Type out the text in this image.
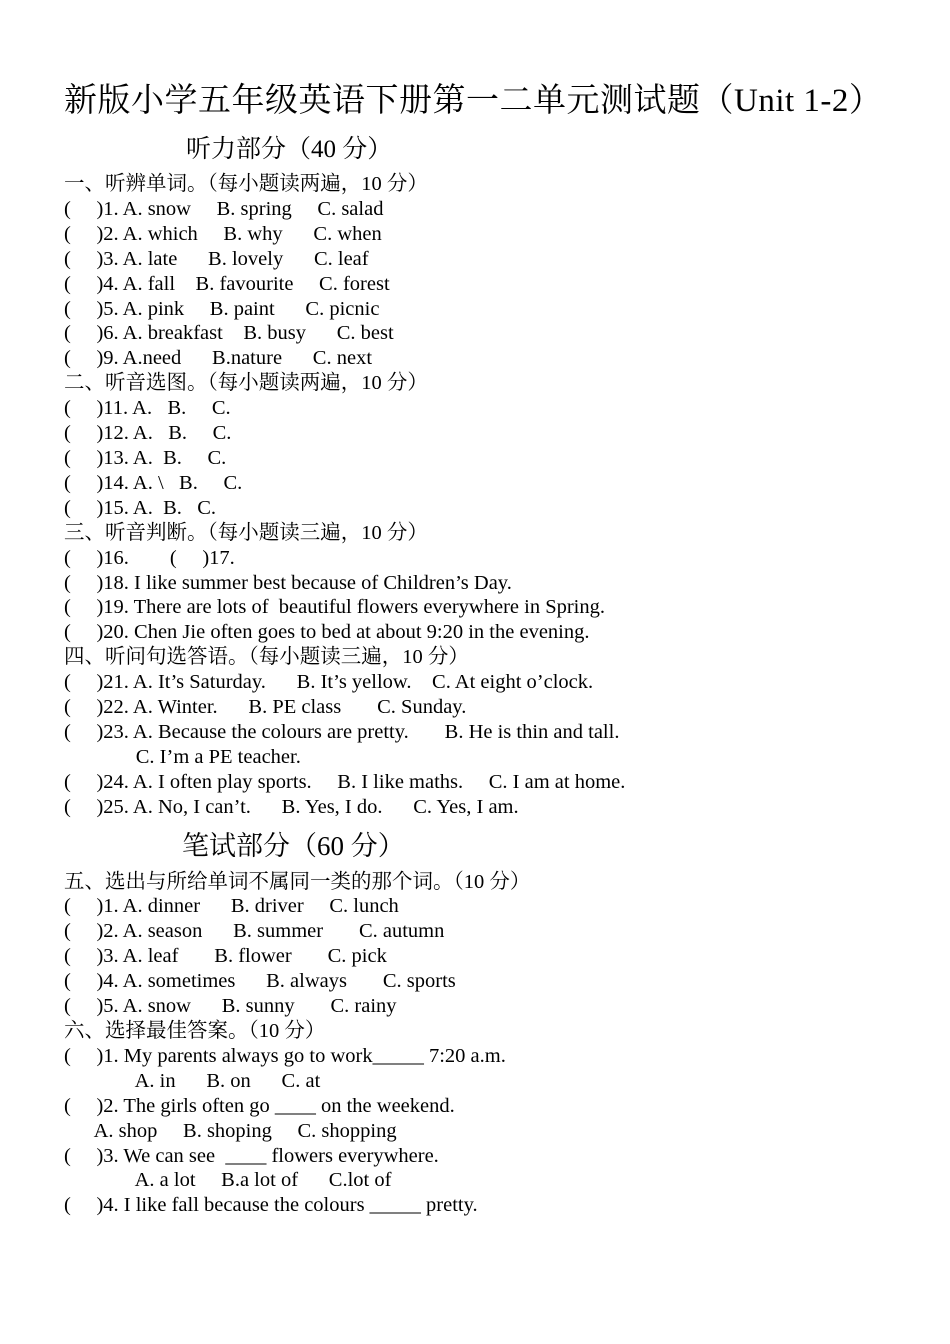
新版小学五年级英语下册第一二单元测试题（Unit 1-2）
听力部分（40 分）
一、听辨单词。（每小题读两遍，10 分）
(     )1. A. snow     B. spring     C. salad
(     )2. A. which     B. why      C. when
(     )3. A. late      B. lovely      C. leaf
(     )4. A. fall    B. favourite     C. forest
(     )5. A. pink     B. paint      C. picnic
(     )6. A. breakfast    B. busy      C. best
(     )9. A.need      B.nature      C. next
二、听音选图。（每小题读两遍，10 分）
(     )11. A.   B.     C.
(     )12. A.   B.     C.
(     )13. A.  B.     C.
(     )14. A. \   B.     C.
(     )15. A.  B.   C.
三、听音判断。（每小题读三遍，10 分）
(     )16.        (     )17.
(     )18. I like summer best because of Children’s Day.
(     )19. There are lots of  beautiful flowers everywhere in Spring.
(     )20. Chen Jie often goes to bed at about 9:20 in the evening.
四、听问句选答语。（每小题读三遍，10 分）
(     )21. A. It’s Saturday.      B. It’s yellow.    C. At eight o’clock.
(     )22. A. Winter.      B. PE class       C. Sunday.
(     )23. A. Because the colours are pretty.       B. He is thin and tall.
C. I’m a PE teacher.
(     )24. A. I often play sports.     B. I like maths.     C. I am at home.
(     )25. A. No, I can’t.      B. Yes, I do.      C. Yes, I am.
笔试部分（60 分）
五、选出与所给单词不属同一类的那个词。（10 分）
(     )1. A. dinner      B. driver     C. lunch
(     )2. A. season      B. summer       C. autumn
(     )3. A. leaf       B. flower       C. pick
(     )4. A. sometimes      B. always       C. sports
(     )5. A. snow      B. sunny       C. rainy
六、选择最佳答案。（10 分）
(     )1. My parents always go to work_____ 7:20 a.m.
A. in      B. on      C. at
(     )2. The girls often go ____ on the weekend.
A. shop     B. shoping     C. shopping
(     )3. We can see  ____ flowers everywhere.
A. a lot     B.a lot of      C.lot of
(     )4. I like fall because the colours _____ pretty.
